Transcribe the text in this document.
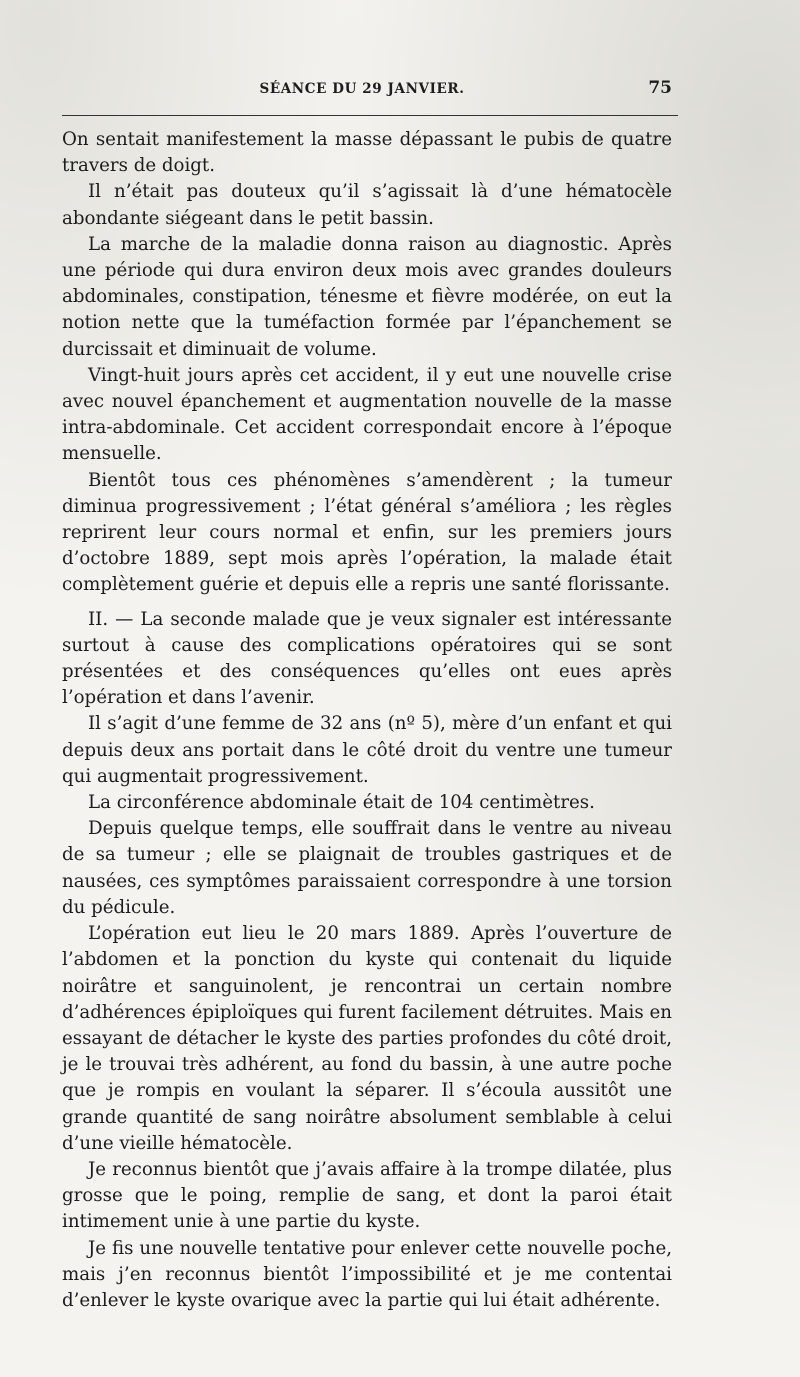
SÉANCE DU 29 JANVIER.	75

On sentait manifestement la masse dépassant le pubis de quatre travers de doigt.

Il n’était pas douteux qu’il s’agissait là d’une hématocèle abondante siégeant dans le petit bassin.

La marche de la maladie donna raison au diagnostic. Après une période qui dura environ deux mois avec grandes douleurs abdominales, constipation, ténesme et fièvre modérée, on eut la notion nette que la tuméfaction formée par l’épanchement se durcissait et diminuait de volume.

Vingt-huit jours après cet accident, il y eut une nouvelle crise avec nouvel épanchement et augmentation nouvelle de la masse intra-abdominale. Cet accident correspondait encore à l’époque mensuelle.

Bientôt tous ces phénomènes s’amendèrent ; la tumeur diminua progressivement ; l’état général s’améliora ; les règles reprirent leur cours normal et enfin, sur les premiers jours d’octobre 1889, sept mois après l’opération, la malade était complètement guérie et depuis elle a repris une santé florissante.

II. — La seconde malade que je veux signaler est intéressante surtout à cause des complications opératoires qui se sont présentées et des conséquences qu’elles ont eues après l’opération et dans l’avenir.

Il s’agit d’une femme de 32 ans (nº 5), mère d’un enfant et qui depuis deux ans portait dans le côté droit du ventre une tumeur qui augmentait progressivement.

La circonférence abdominale était de 104 centimètres.

Depuis quelque temps, elle souffrait dans le ventre au niveau de sa tumeur ; elle se plaignait de troubles gastriques et de nausées, ces symptômes paraissaient correspondre à une torsion du pédicule.

L’opération eut lieu le 20 mars 1889. Après l’ouverture de l’abdomen et la ponction du kyste qui contenait du liquide noirâtre et sanguinolent, je rencontrai un certain nombre d’adhérences épiploïques qui furent facilement détruites. Mais en essayant de détacher le kyste des parties profondes du côté droit, je le trouvai très adhérent, au fond du bassin, à une autre poche que je rompis en voulant la séparer. Il s’écoula aussitôt une grande quantité de sang noirâtre absolument semblable à celui d’une vieille hématocèle.

Je reconnus bientôt que j’avais affaire à la trompe dilatée, plus grosse que le poing, remplie de sang, et dont la paroi était intimement unie à une partie du kyste.

Je fis une nouvelle tentative pour enlever cette nouvelle poche, mais j’en reconnus bientôt l’impossibilité et je me contentai d’enlever le kyste ovarique avec la partie qui lui était adhérente.
